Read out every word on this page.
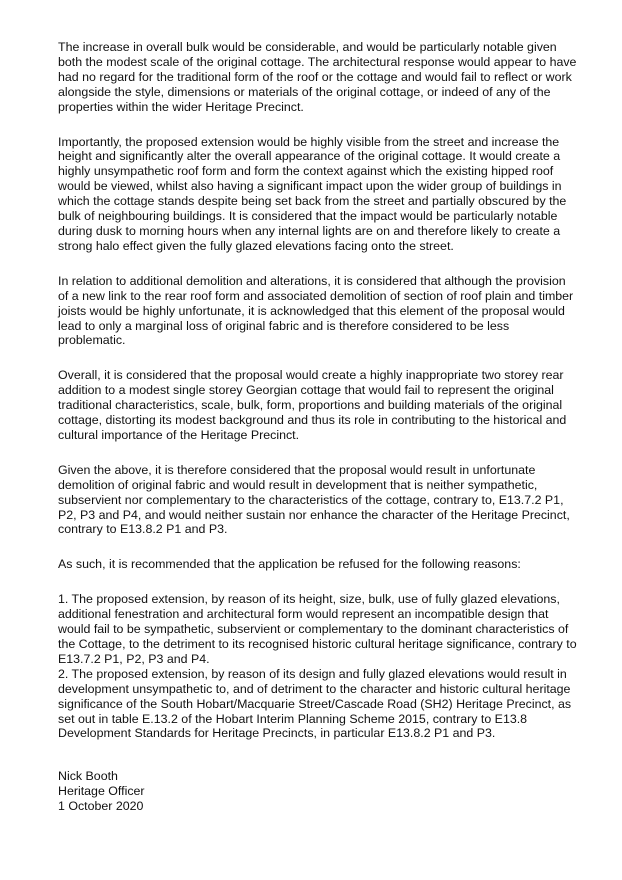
The increase in overall bulk would be considerable, and would be particularly notable given both the modest scale of the original cottage. The architectural response would appear to have had no regard for the traditional form of the roof or the cottage and would fail to reflect or work alongside the style, dimensions or materials of the original cottage, or indeed of any of the properties within the wider Heritage Precinct.

Importantly, the proposed extension would be highly visible from the street and increase the height and significantly alter the overall appearance of the original cottage. It would create a highly unsympathetic roof form and form the context against which the existing hipped roof would be viewed, whilst also having a significant impact upon the wider group of buildings in which the cottage stands despite being set back from the street and partially obscured by the bulk of neighbouring buildings. It is considered that the impact would be particularly notable during dusk to morning hours when any internal lights are on and therefore likely to create a strong halo effect given the fully glazed elevations facing onto the street.

In relation to additional demolition and alterations, it is considered that although the provision of a new link to the rear roof form and associated demolition of section of roof plain and timber joists would be highly unfortunate, it is acknowledged that this element of the proposal would lead to only a marginal loss of original fabric and is therefore considered to be less problematic.

Overall, it is considered that the proposal would create a highly inappropriate two storey rear addition to a modest single storey Georgian cottage that would fail to represent the original traditional characteristics, scale, bulk, form, proportions and building materials of the original cottage, distorting its modest background and thus its role in contributing to the historical and cultural importance of the Heritage Precinct.

Given the above, it is therefore considered that the proposal would result in unfortunate demolition of original fabric and would result in development that is neither sympathetic, subservient nor complementary to the characteristics of the cottage, contrary to, E13.7.2 P1, P2, P3 and P4, and would neither sustain nor enhance the character of the Heritage Precinct, contrary to E13.8.2 P1 and P3.

As such, it is recommended that the application be refused for the following reasons:

1. The proposed extension, by reason of its height, size, bulk, use of fully glazed elevations, additional fenestration and architectural form would represent an incompatible design that would fail to be sympathetic, subservient or complementary to the dominant characteristics of the Cottage, to the detriment to its recognised historic cultural heritage significance, contrary to E13.7.2 P1, P2, P3 and P4.

2. The proposed extension, by reason of its design and fully glazed elevations would result in development unsympathetic to, and of detriment to the character and historic cultural heritage significance of the South Hobart/Macquarie Street/Cascade Road (SH2) Heritage Precinct, as set out in table E.13.2 of the Hobart Interim Planning Scheme 2015, contrary to E13.8 Development Standards for Heritage Precincts, in particular E13.8.2 P1 and P3.

Nick Booth
Heritage Officer
1 October 2020
